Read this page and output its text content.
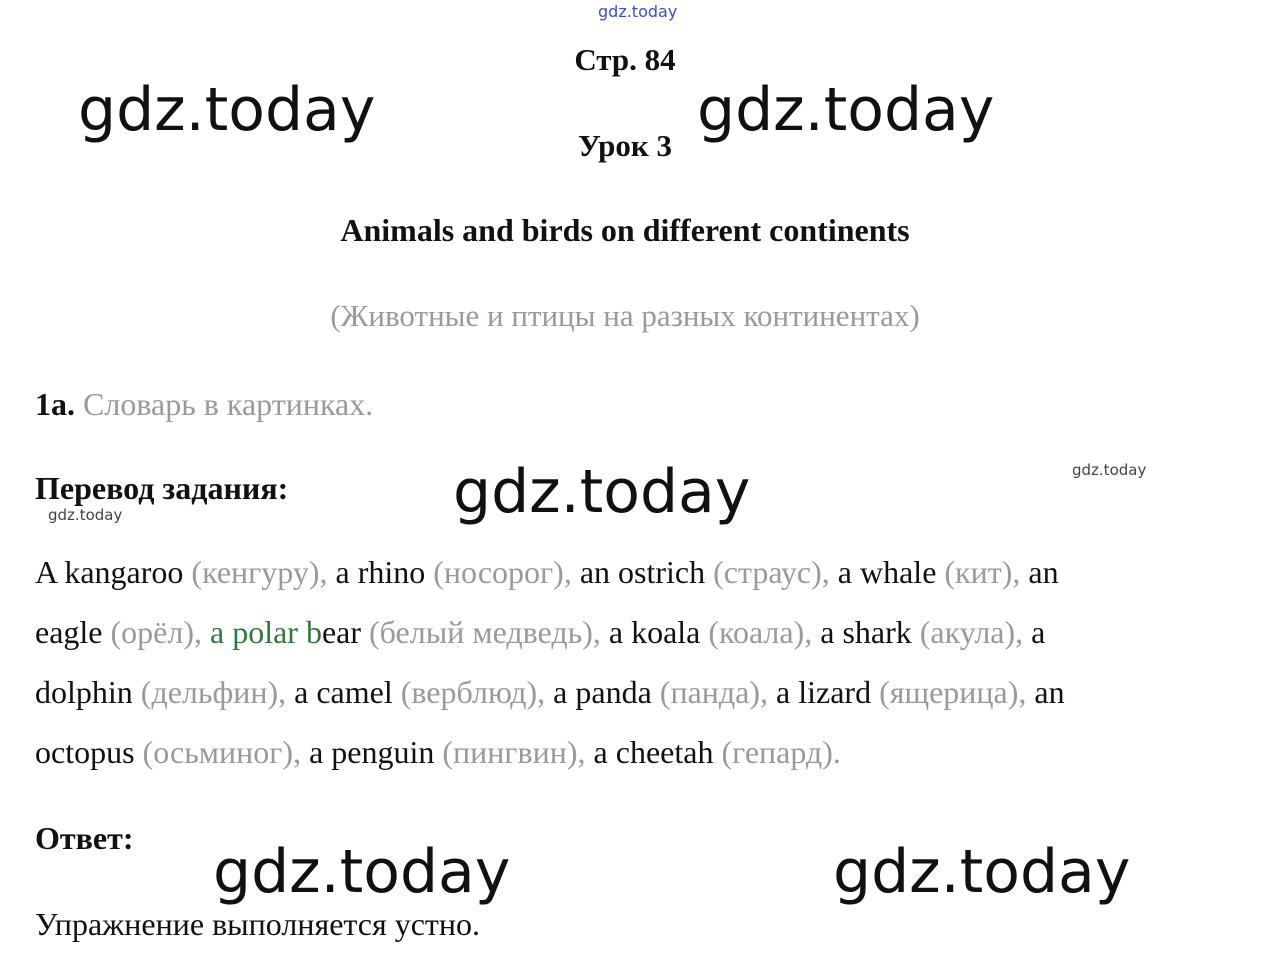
gdz.today
gdz.today	gdz.today
gdz.today	gdz.today
gdz.today
gdz.today	gdz.today
Стр. 84
Урок 3
Animals and birds on different continents
(Животные и птицы на разных континентах)
1a. Словарь в картинках.
Перевод задания:
A kangaroo (кенгуру), a rhino (носорог), an ostrich (страус), a whale (кит), an
eagle (орёл), a polar bear (белый медведь), a koala (коала), a shark (акула), a
dolphin (дельфин), a camel (верблюд), a panda (панда), a lizard (ящерица), an
octopus (осьминог), a penguin (пингвин), a cheetah (гепард).
Ответ:
Упражнение выполняется устно.
